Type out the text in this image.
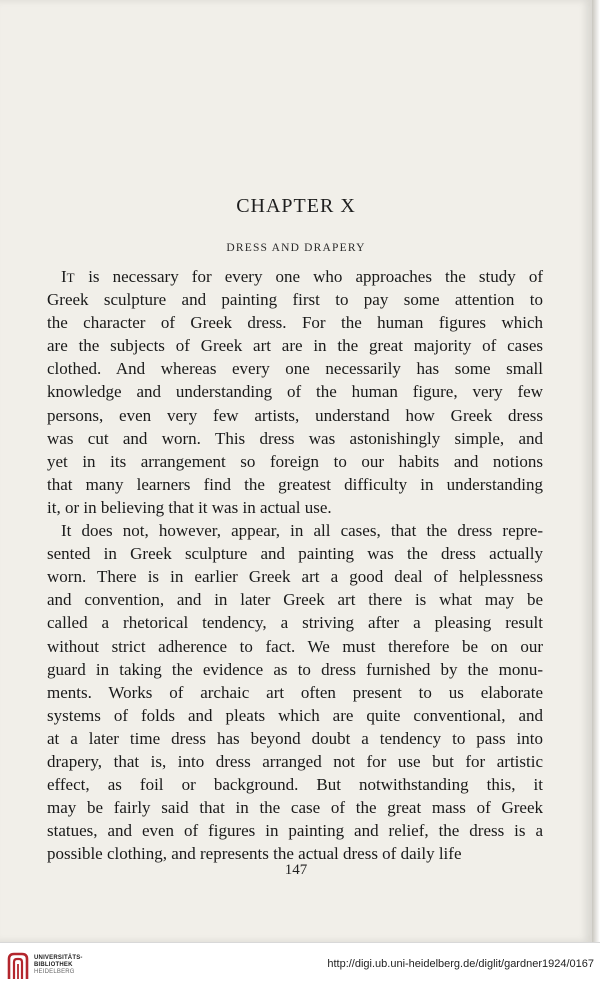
CHAPTER X
DRESS AND DRAPERY
IT is necessary for every one who approaches the study of
Greek sculpture and painting first to pay some attention to
the character of Greek dress. For the human figures which
are the subjects of Greek art are in the great majority of cases
clothed. And whereas every one necessarily has some small
knowledge and understanding of the human figure, very few
persons, even very few artists, understand how Greek dress
was cut and worn. This dress was astonishingly simple, and
yet in its arrangement so foreign to our habits and notions
that many learners find the greatest difficulty in understanding
it, or in believing that it was in actual use.
It does not, however, appear, in all cases, that the dress repre-
sented in Greek sculpture and painting was the dress actually
worn. There is in earlier Greek art a good deal of helplessness
and convention, and in later Greek art there is what may be
called a rhetorical tendency, a striving after a pleasing result
without strict adherence to fact. We must therefore be on our
guard in taking the evidence as to dress furnished by the monu-
ments. Works of archaic art often present to us elaborate
systems of folds and pleats which are quite conventional, and
at a later time dress has beyond doubt a tendency to pass into
drapery, that is, into dress arranged not for use but for artistic
effect, as foil or background. But notwithstanding this, it
may be fairly said that in the case of the great mass of Greek
statues, and even of figures in painting and relief, the dress is a
possible clothing, and represents the actual dress of daily life
147
UNIVERSITÄTS-
BIBLIOTHEK
HEIDELBERG
http://digi.ub.uni-heidelberg.de/diglit/gardner1924/0167
